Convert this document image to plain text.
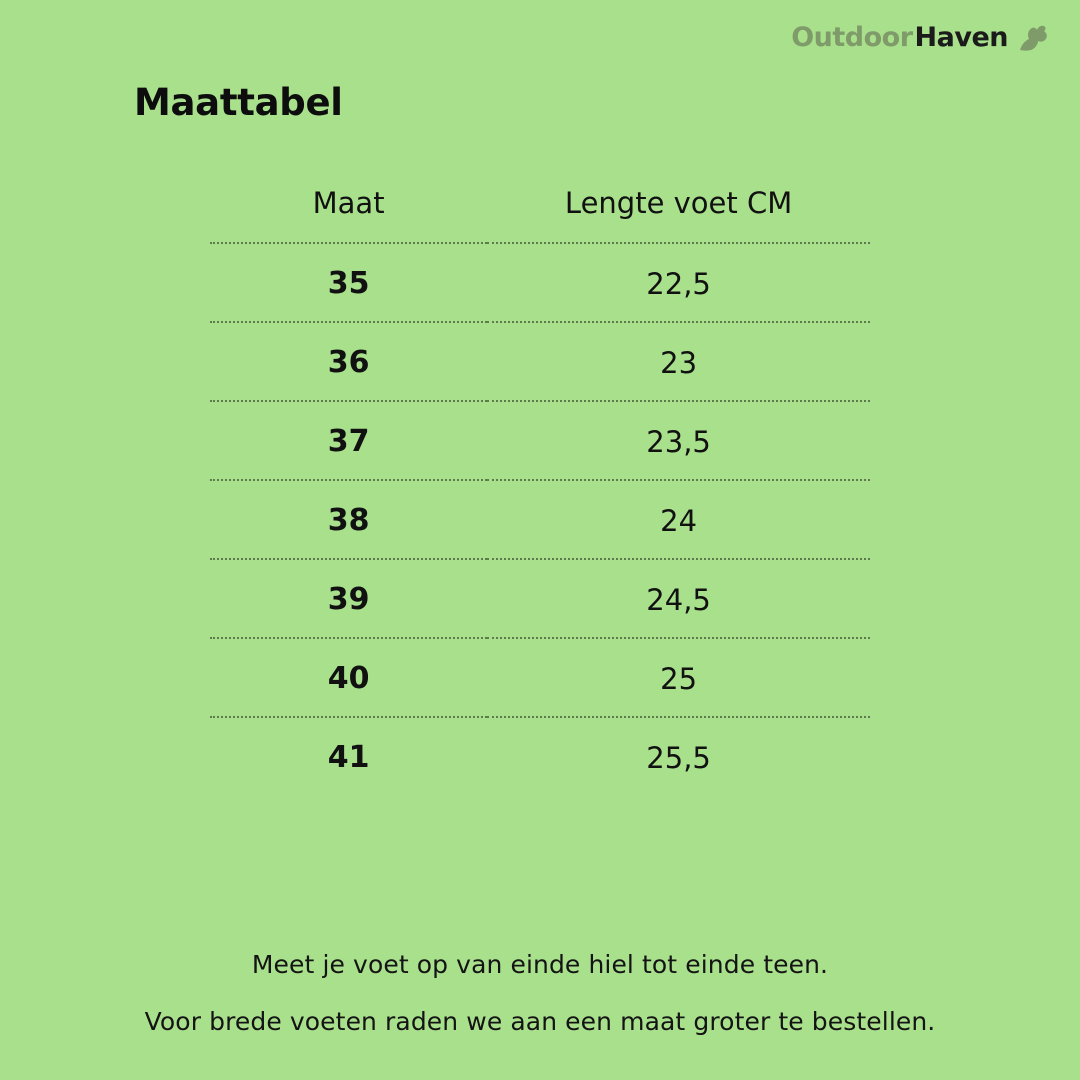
Outdoor Haven
Maattabel
Maat	Lengte voet CM
35	22,5
36	23
37	23,5
38	24
39	24,5
40	25
41	25,5

Meet je voet op van einde hiel tot einde teen.

Voor brede voeten raden we aan een maat groter te bestellen.
